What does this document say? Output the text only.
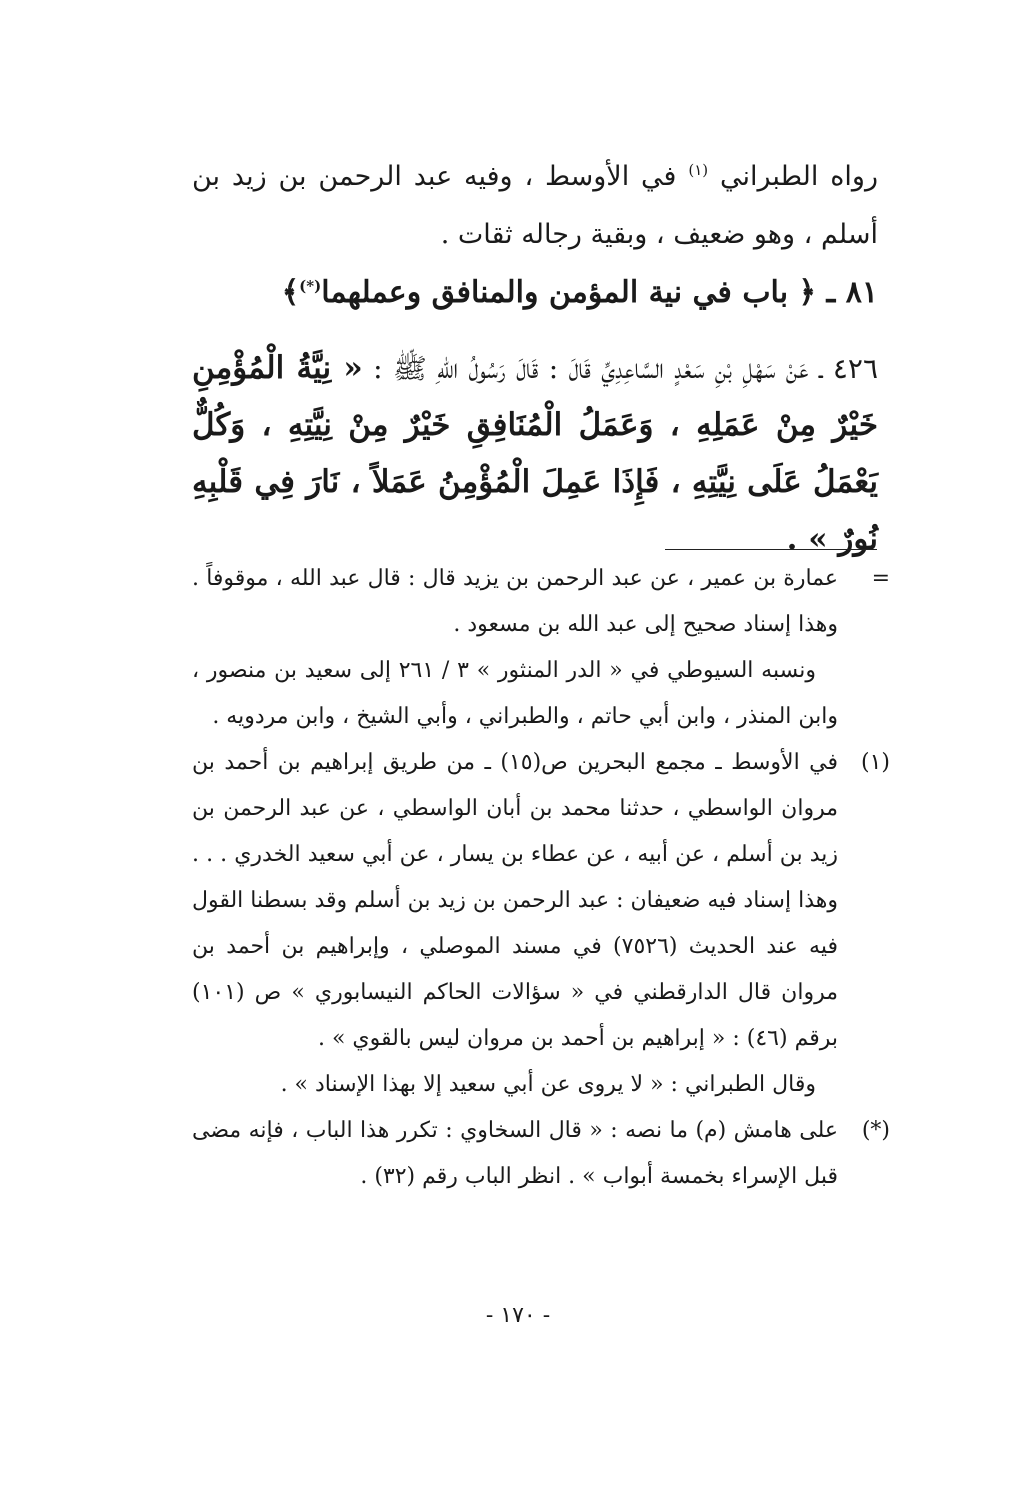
رواه الطبراني $^{(١)}$ في الأوسط ، وفيه عبد الرحمن بن زيد بن أسلم ، وهو ضعيف ، وبقية رجاله ثقات .

٨١ ـ ﴿ باب في نية المؤمن والمنافق وعملهما(*)﴾
٤٢٦ ـ عَنْ سَهْلِ بْنِ سَعْدٍ السَّاعِدِيِّ قَالَ : قَالَ رَسُولُ اللهِ ﷺ : « نِيَّةُ الْمُؤْمِنِ خَيْرٌ مِنْ عَمَلِهِ ، وَعَمَلُ الْمُنَافِقِ خَيْرٌ مِنْ نِيَّتِهِ ، وَكُلٌّ يَعْمَلُ عَلَى نِيَّتِهِ ، فَإِذَا عَمِلَ الْمُؤْمِنُ عَمَلاً ، نَارَ فِي قَلْبِهِ نُورٌ » .

=
عمارة بن عمير ، عن عبد الرحمن بن يزيد قال : قال عبد الله ، موقوفاً . وهذا إسناد صحيح إلى عبد الله بن مسعود .

ونسبه السيوطي في « الدر المنثور » ٣ / ٢٦١ إلى سعيد بن منصور ، وابن المنذر ، وابن أبي حاتم ، والطبراني ، وأبي الشيخ ، وابن مردويه .

(١)
في الأوسط ـ مجمع البحرين ص(١٥) ـ من طريق إبراهيم بن أحمد بن مروان الواسطي ، حدثنا محمد بن أبان الواسطي ، عن عبد الرحمن بن زيد بن أسلم ، عن أبيه ، عن عطاء بن يسار ، عن أبي سعيد الخدري . . . وهذا إسناد فيه ضعيفان : عبد الرحمن بن زيد بن أسلم وقد بسطنا القول فيه عند الحديث (٧٥٢٦) في مسند الموصلي ، وإبراهيم بن أحمد بن مروان قال الدارقطني في « سؤالات الحاكم النيسابوري » ص (١٠١) برقم (٤٦) : « إبراهيم بن أحمد بن مروان ليس بالقوي » .

وقال الطبراني : « لا يروى عن أبي سعيد إلا بهذا الإسناد » .

(*)
على هامش (م) ما نصه : « قال السخاوي : تكرر هذا الباب ، فإنه مضى قبل الإسراء بخمسة أبواب » . انظر الباب رقم (٣٢) .

- ١٧٠ -
